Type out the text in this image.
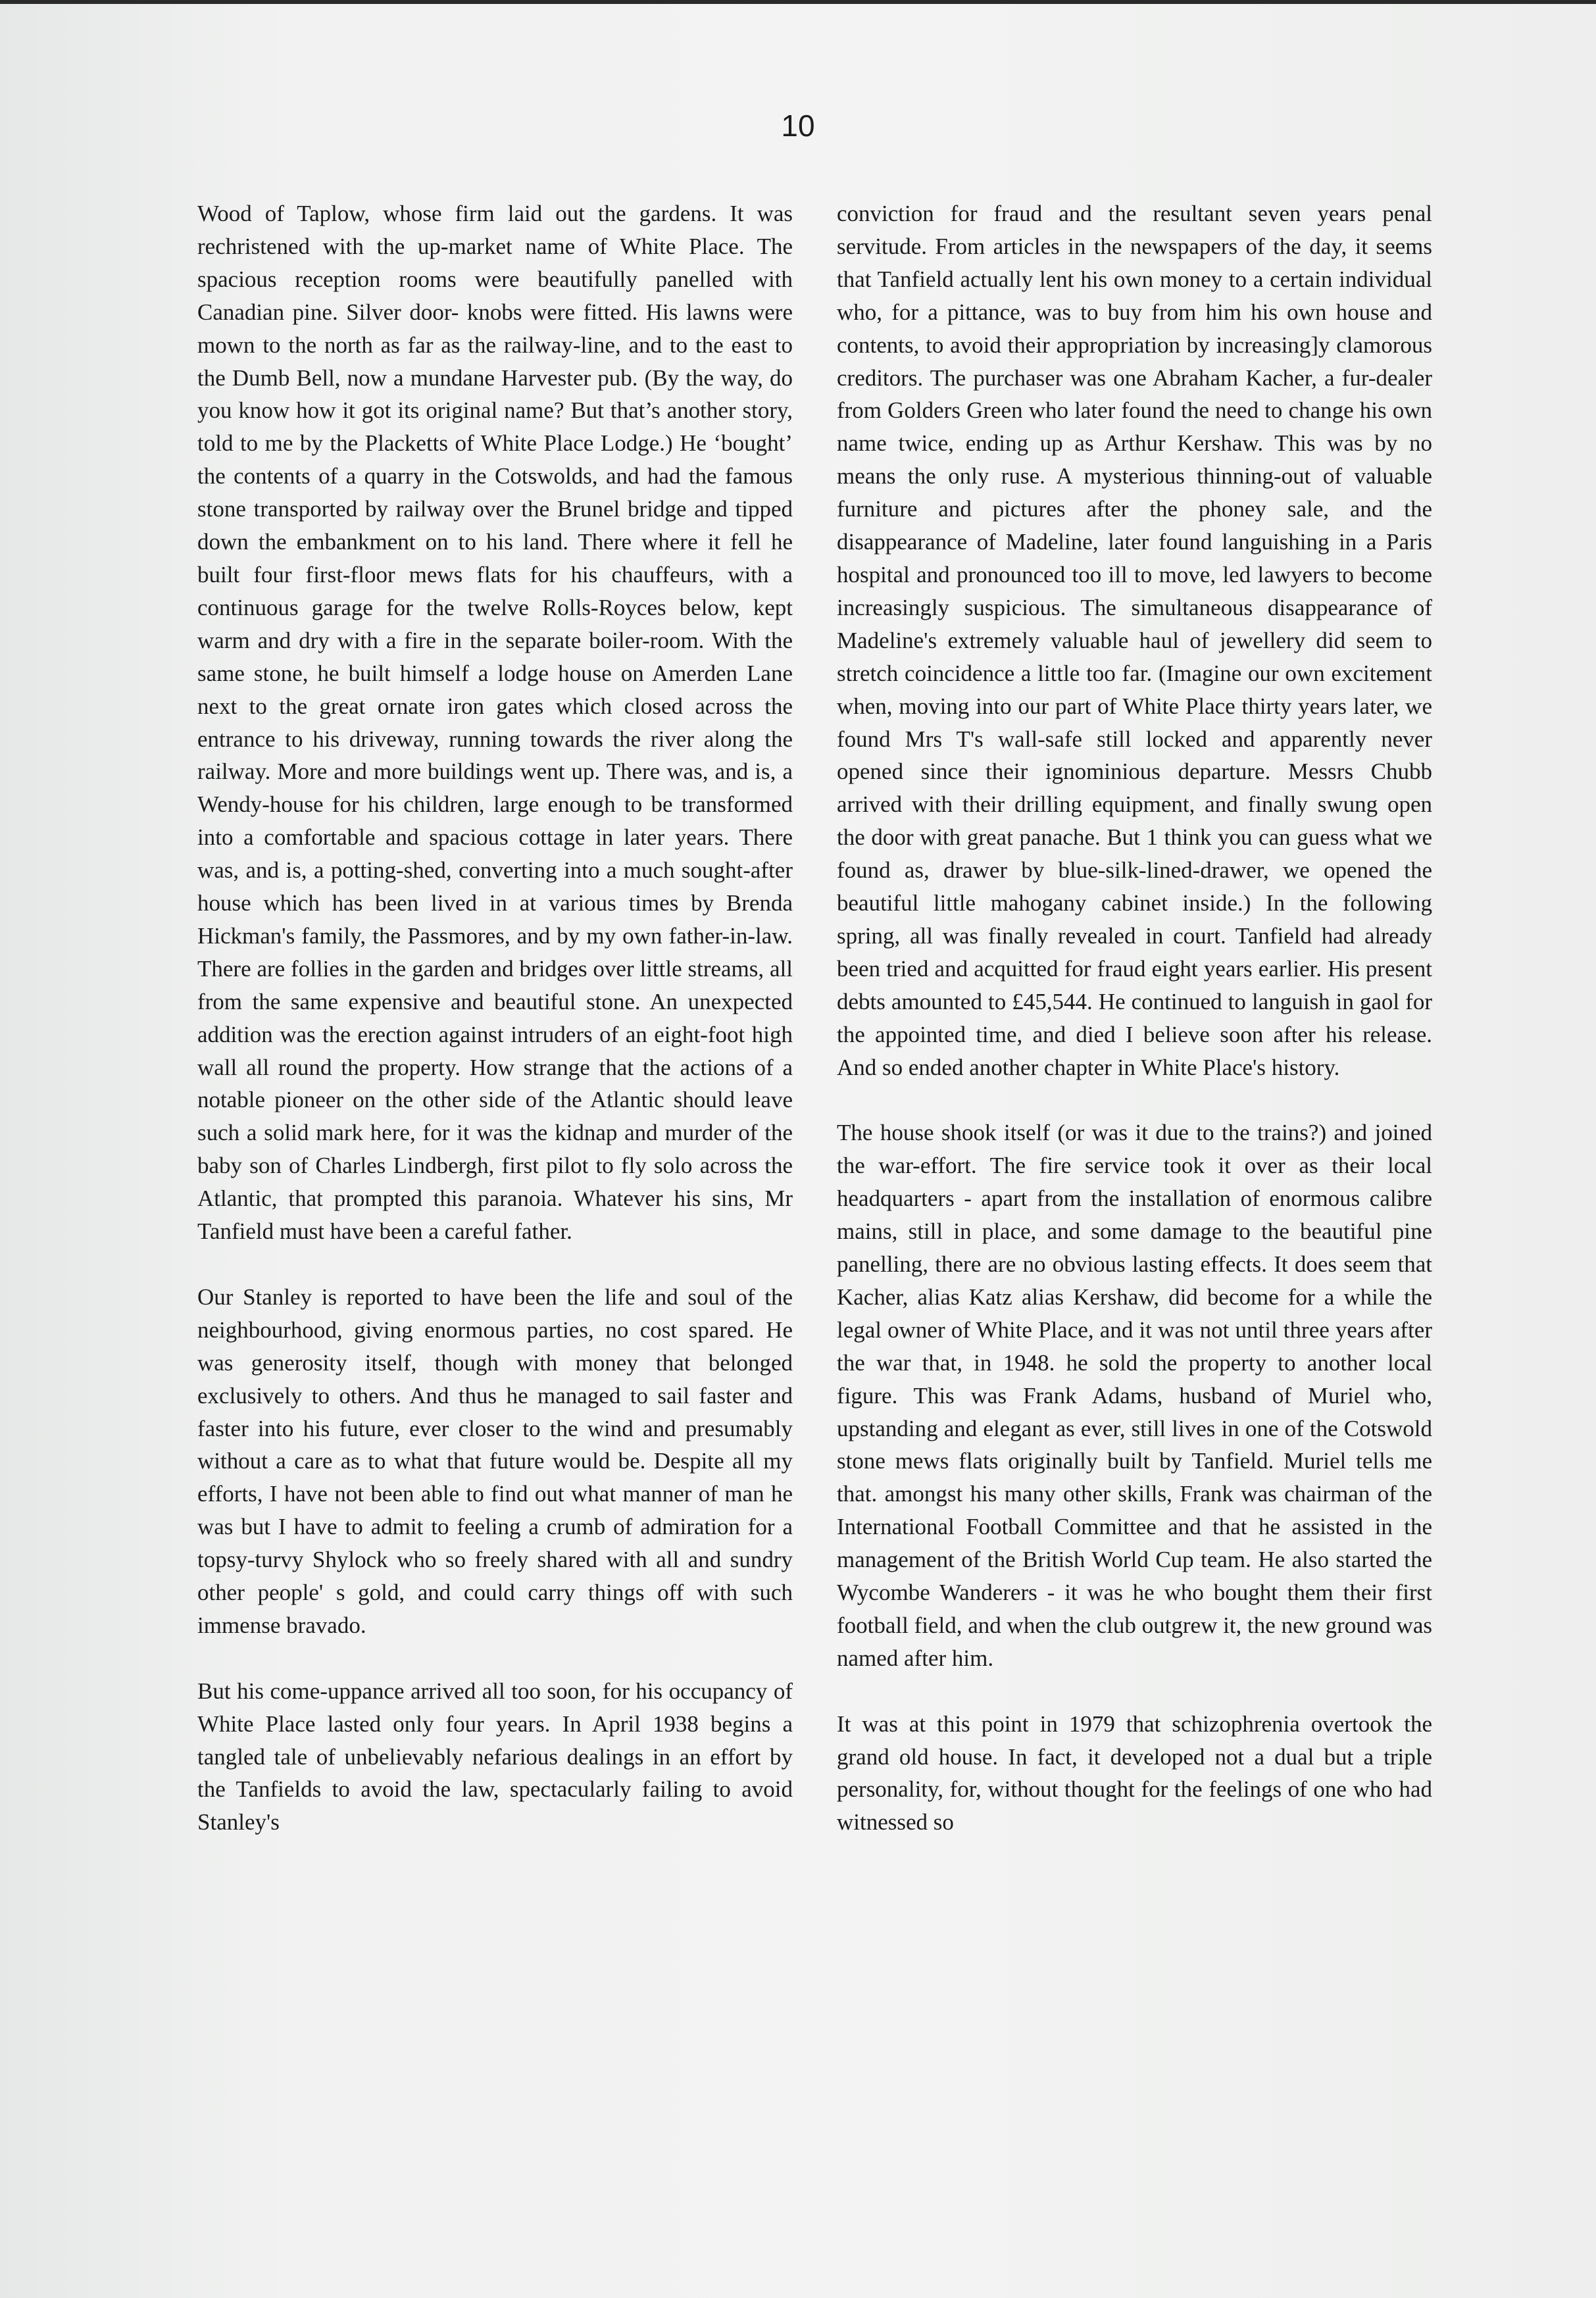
10

Wood of Taplow, whose firm laid out the gardens. It was rechristened with the up-market name of White Place. The spacious reception rooms were beautifully panelled with Canadian pine. Silver door- knobs were fitted. His lawns were mown to the north as far as the railway-line, and to the east to the Dumb Bell, now a mundane Harvester pub. (By the way, do you know how it got its original name? But that’s another story, told to me by the Placketts of White Place Lodge.) He ‘bought’ the contents of a quarry in the Cotswolds, and had the famous stone transported by railway over the Brunel bridge and tipped down the embankment on to his land. There where it fell he built four first-floor mews flats for his chauffeurs, with a continuous garage for the twelve Rolls-Royces below, kept warm and dry with a fire in the separate boiler-room. With the same stone, he built himself a lodge house on Amerden Lane next to the great ornate iron gates which closed across the entrance to his driveway, running towards the river along the railway. More and more buildings went up. There was, and is, a Wendy-house for his children, large enough to be transformed into a comfortable and spacious cottage in later years. There was, and is, a potting-shed, converting into a much sought-after house which has been lived in at various times by Brenda Hickman's family, the Passmores, and by my own father-in-law. There are follies in the garden and bridges over little streams, all from the same expensive and beautiful stone. An unexpected addition was the erection against intruders of an eight-foot high wall all round the property. How strange that the actions of a notable pioneer on the other side of the Atlantic should leave such a solid mark here, for it was the kidnap and murder of the baby son of Charles Lindbergh, first pilot to fly solo across the Atlantic, that prompted this paranoia. Whatever his sins, Mr Tanfield must have been a careful father.

Our Stanley is reported to have been the life and soul of the neighbourhood, giving enormous parties, no cost spared. He was generosity itself, though with money that belonged exclusively to others. And thus he managed to sail faster and faster into his future, ever closer to the wind and presumably without a care as to what that future would be. Despite all my efforts, I have not been able to find out what manner of man he was but I have to admit to feeling a crumb of admiration for a topsy-turvy Shylock who so freely shared with all and sundry other people' s gold, and could carry things off with such immense bravado.

But his come-uppance arrived all too soon, for his occupancy of White Place lasted only four years. In April 1938 begins a tangled tale of unbelievably nefarious dealings in an effort by the Tanfields to avoid the law, spectacularly failing to avoid Stanley's

conviction for fraud and the resultant seven years penal servitude. From articles in the newspapers of the day, it seems that Tanfield actually lent his own money to a certain individual who, for a pittance, was to buy from him his own house and contents, to avoid their appropriation by increasing]y clamorous creditors. The purchaser was one Abraham Kacher, a fur-dealer from Golders Green who later found the need to change his own name twice, ending up as Arthur Kershaw. This was by no means the only ruse. A mysterious thinning-out of valuable furniture and pictures after the phoney sale, and the disappearance of Madeline, later found languishing in a Paris hospital and pronounced too ill to move, led lawyers to become increasingly suspicious. The simultaneous disappearance of Madeline's extremely valuable haul of jewellery did seem to stretch coincidence a little too far. (Imagine our own excitement when, moving into our part of White Place thirty years later, we found Mrs T's wall-safe still locked and apparently never opened since their ignominious departure. Messrs Chubb arrived with their drilling equipment, and finally swung open the door with great panache. But 1 think you can guess what we found as, drawer by blue-silk-lined-drawer, we opened the beautiful little mahogany cabinet inside.) In the following spring, all was finally revealed in court. Tanfield had already been tried and acquitted for fraud eight years earlier. His present debts amounted to £45,544. He continued to languish in gaol for the appointed time, and died I believe soon after his release. And so ended another chapter in White Place's history.

The house shook itself (or was it due to the trains?) and joined the war-effort. The fire service took it over as their local headquarters - apart from the installation of enormous calibre mains, still in place, and some damage to the beautiful pine panelling, there are no obvious lasting effects. It does seem that Kacher, alias Katz alias Kershaw, did become for a while the legal owner of White Place, and it was not until three years after the war that, in 1948. he sold the property to another local figure. This was Frank Adams, husband of Muriel who, upstanding and elegant as ever, still lives in one of the Cotswold stone mews flats originally built by Tanfield. Muriel tells me that. amongst his many other skills, Frank was chairman of the International Football Committee and that he assisted in the management of the British World Cup team. He also started the Wycombe Wanderers - it was he who bought them their first football field, and when the club outgrew it, the new ground was named after him.

It was at this point in 1979 that schizophrenia overtook the grand old house. In fact, it developed not a dual but a triple personality, for, without thought for the feelings of one who had witnessed so
